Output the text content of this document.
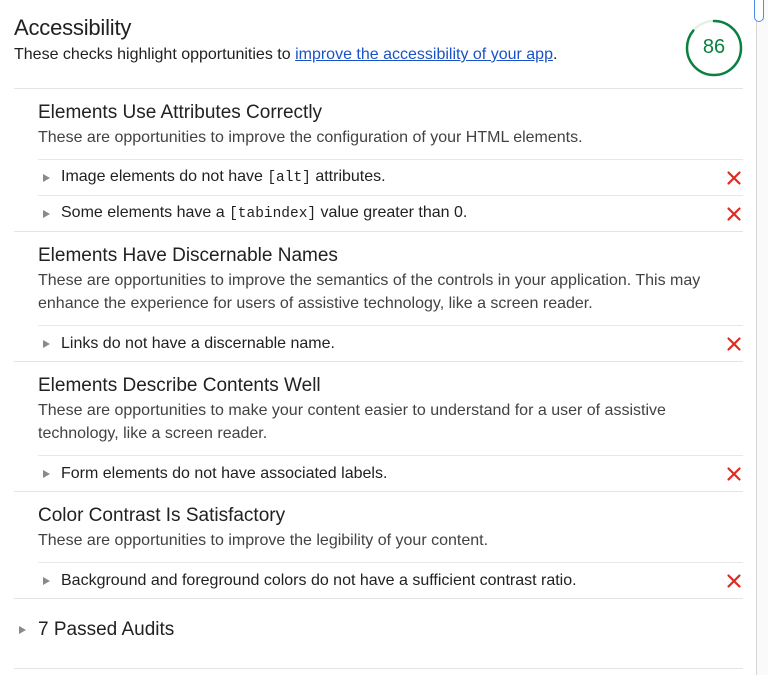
Accessibility
These checks highlight opportunities to improve the accessibility of your app.	86
Elements Use Attributes Correctly
These are opportunities to improve the configuration of your HTML elements.
Image elements do not have [alt] attributes.
Some elements have a [tabindex] value greater than 0.
Elements Have Discernable Names
These are opportunities to improve the semantics of the controls in your application. This may enhance the experience for users of assistive technology, like a screen reader.
Links do not have a discernable name.
Elements Describe Contents Well
These are opportunities to make your content easier to understand for a user of assistive technology, like a screen reader.
Form elements do not have associated labels.
Color Contrast Is Satisfactory
These are opportunities to improve the legibility of your content.
Background and foreground colors do not have a sufficient contrast ratio.
7 Passed Audits
